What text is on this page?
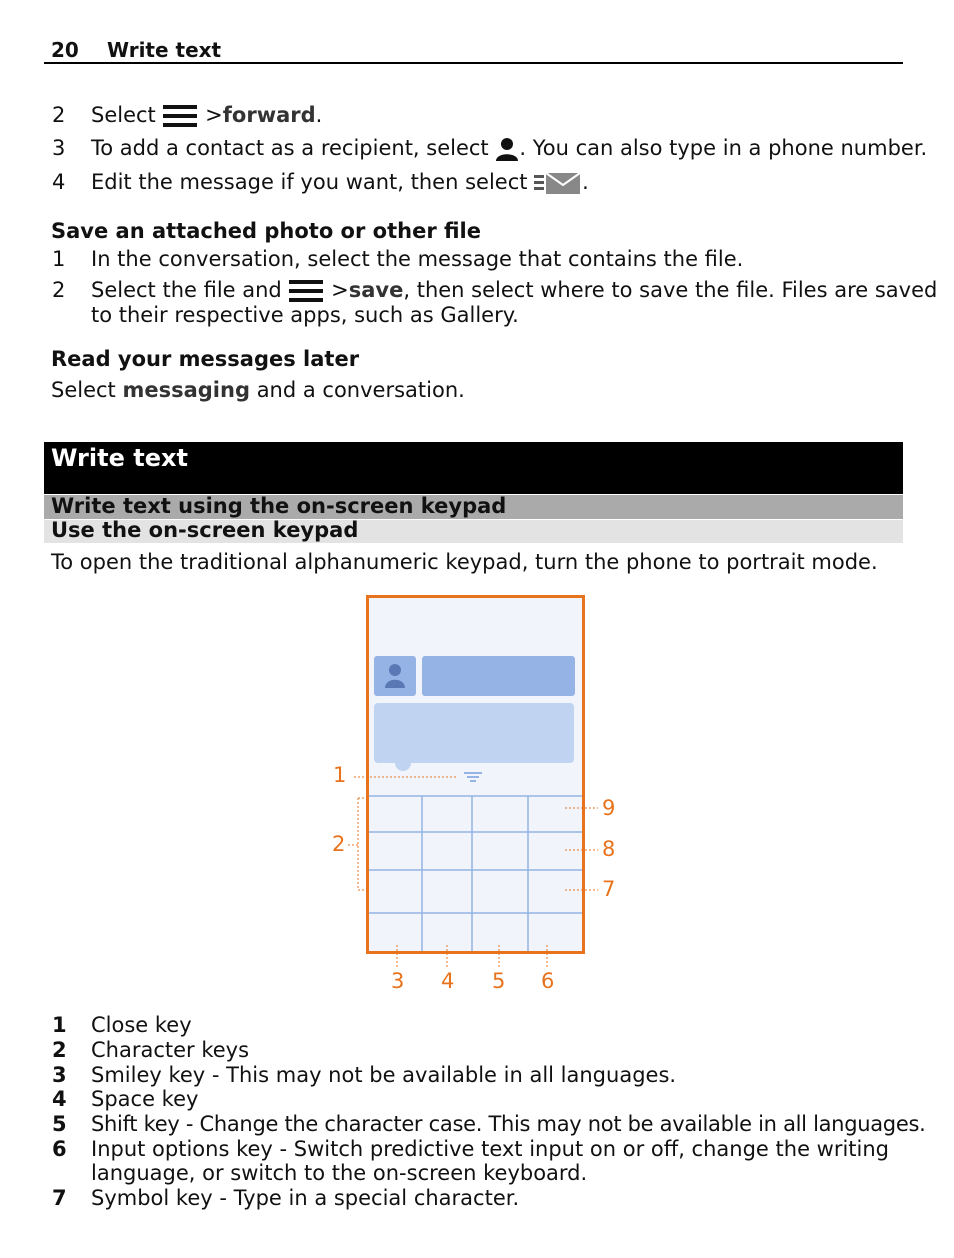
20 Write text
2 Select >forward.
3 To add a contact as a recipient, select . You can also type in a phone number.
4 Edit the message if you want, then select	.
Save an attached photo or other file
1 In the conversation, select the message that contains the file.
2 Select the file and >save, then select where to save the file. Files are saved
to their respective apps, such as Gallery.
Read your messages later
Select messaging and a conversation.
Write text
Write text using the on-screen keypad
Use the on-screen keypad
To open the traditional alphanumeric keypad, turn the phone to portrait mode.
1
2
3 4 5 6
7
8
9
1 Close key
2 Character keys
3 Smiley key - This may not be available in all languages.
4 Space key
5 Shift key - Change the character case. This may not be available in all languages.
6 Input options key - Switch predictive text input on or off, change the writing
language, or switch to the on-screen keyboard.
7 Symbol key - Type in a special character.
